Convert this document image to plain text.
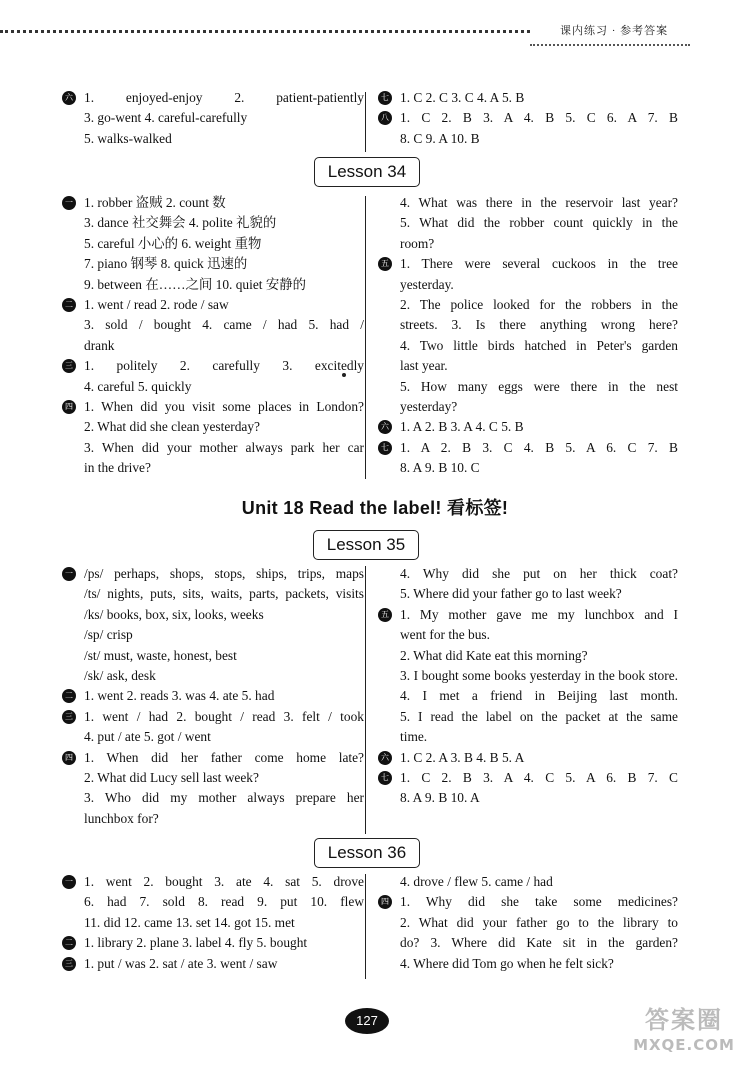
课内练习 · 参考答案
六 1. enjoyed-enjoy 2. patient-patiently
3. go-went 4. careful-carefully
5. walks-walked
七 1. C 2. C 3. C 4. A 5. B
八 1. C 2. B 3. A 4. B 5. C 6. A 7. B
8. C 9. A 10. B
Lesson 34
一 1. robber 盗贼 2. count 数
3. dance 社交舞会 4. polite 礼貌的
5. careful 小心的 6. weight 重物
7. piano 钢琴 8. quick 迅速的
9. between 在……之间 10. quiet 安静的
二 1. went / read 2. rode / saw
3. sold / bought 4. came / had 5. had /
drank
三 1. politely 2. carefully 3. excitedly
4. careful 5. quickly
四 1. When did you visit some places in London?
2. What did she clean yesterday?
3. When did your mother always park her car
in the drive?
4. What was there in the reservoir last year?
5. What did the robber count quickly in the
room?
五 1. There were several cuckoos in the tree
yesterday.
2. The police looked for the robbers in the
streets. 3. Is there anything wrong here?
4. Two little birds hatched in Peter's garden
last year.
5. How many eggs were there in the nest
yesterday?
六 1. A 2. B 3. A 4. C 5. B
七 1. A 2. B 3. C 4. B 5. A 6. C 7. B
8. A 9. B 10. C
Unit 18 Read the label! 看标签!
Lesson 35
一 /ps/ perhaps, shops, stops, ships, trips, maps
/ts/ nights, puts, sits, waits, parts, packets, visits
/ks/ books, box, six, looks, weeks
/sp/ crisp
/st/ must, waste, honest, best
/sk/ ask, desk
二 1. went 2. reads 3. was 4. ate 5. had
三 1. went / had 2. bought / read 3. felt / took
4. put / ate 5. got / went
四 1. When did her father come home late?
2. What did Lucy sell last week?
3. Who did my mother always prepare her
lunchbox for?
4. Why did she put on her thick coat?
5. Where did your father go to last week?
五 1. My mother gave me my lunchbox and I
went for the bus.
2. What did Kate eat this morning?
3. I bought some books yesterday in the book store.
4. I met a friend in Beijing last month.
5. I read the label on the packet at the same
time.
六 1. C 2. A 3. B 4. B 5. A
七 1. C 2. B 3. A 4. C 5. A 6. B 7. C
8. A 9. B 10. A
Lesson 36
一 1. went 2. bought 3. ate 4. sat 5. drove
6. had 7. sold 8. read 9. put 10. flew
11. did 12. came 13. set 14. got 15. met
二 1. library 2. plane 3. label 4. fly 5. bought
三 1. put / was 2. sat / ate 3. went / saw
4. drove / flew 5. came / had
四 1. Why did she take some medicines?
2. What did your father go to the library to
do? 3. Where did Kate sit in the garden?
4. Where did Tom go when he felt sick?
127	答案圈
MXQE.COM
